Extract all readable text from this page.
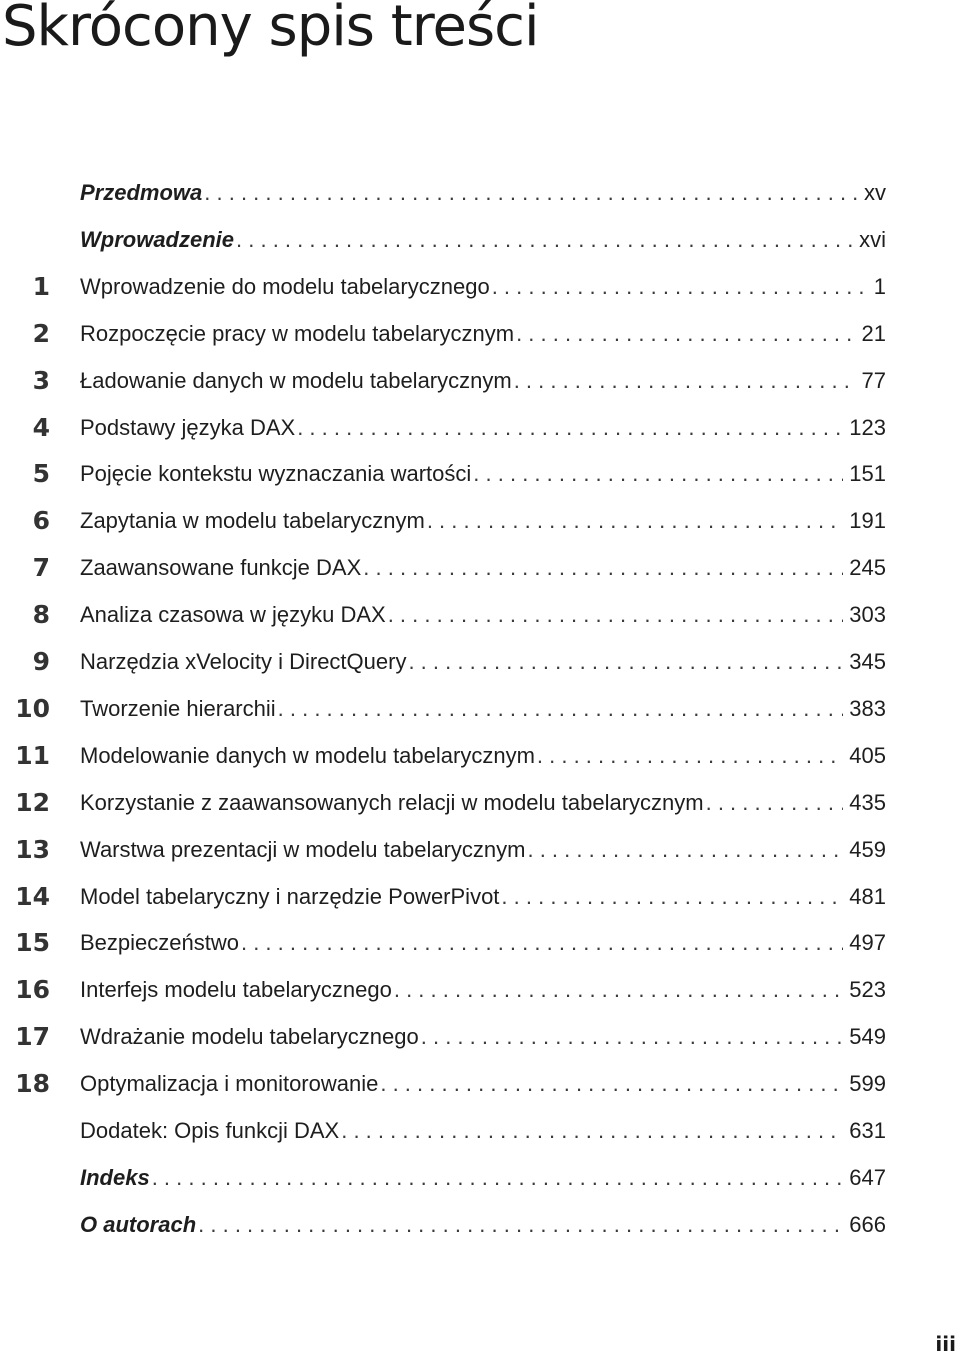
Skrócony spis treści
Przedmowa . . .	xv
Wprowadzenie . . .	xvi
1 Wprowadzenie do modelu tabelarycznego . . .	1
2 Rozpoczęcie pracy w modelu tabelarycznym . . .	21
3 Ładowanie danych w modelu tabelarycznym . . .	77
4 Podstawy języka DAX . . .	123
5 Pojęcie kontekstu wyznaczania wartości . . .	151
6 Zapytania w modelu tabelarycznym . . .	191
7 Zaawansowane funkcje DAX . . .	245
8 Analiza czasowa w języku DAX . . .	303
9 Narzędzia xVelocity i DirectQuery . . .	345
10 Tworzenie hierarchii . . .	383
11 Modelowanie danych w modelu tabelarycznym . . .	405
12 Korzystanie z zaawansowanych relacji w modelu tabelarycznym . . .	435
13 Warstwa prezentacji w modelu tabelarycznym . . .	459
14 Model tabelaryczny i narzędzie PowerPivot . . .	481
15 Bezpieczeństwo . . .	497
16 Interfejs modelu tabelarycznego . . .	523
17 Wdrażanie modelu tabelarycznego . . .	549
18 Optymalizacja i monitorowanie . . .	599
Dodatek: Opis funkcji DAX . . .	631
Indeks . . .	647
O autorach . . .	666
iii
